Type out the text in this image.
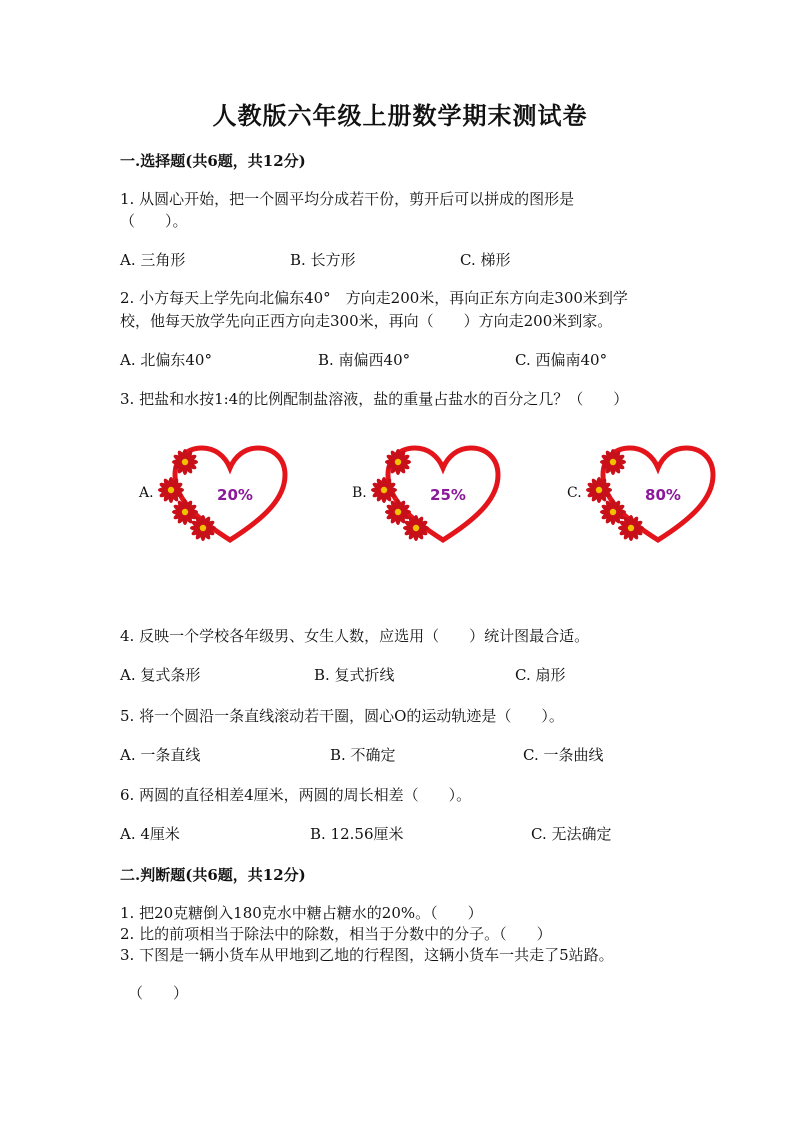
人教版六年级上册数学期末测试卷
一.选择题(共6题，共12分)
1. 从圆心开始，把一个圆平均分成若干份，剪开后可以拼成的图形是
（　　）。
A. 三角形	B. 长方形	C. 梯形
2. 小方每天上学先向北偏东40°　方向走200米，再向正东方向走300米到学
校，他每天放学先向正西方向走300米，再向（　　）方向走200米到家。
A. 北偏东40°	B. 南偏西40°	C. 西偏南40°
3. 把盐和水按1:4的比例配制盐溶液，盐的重量占盐水的百分之几？（　　）
A.	20%	B.	25%	C.	80%
4. 反映一个学校各年级男、女生人数，应选用（　　）统计图最合适。
A. 复式条形	B. 复式折线	C. 扇形
5. 将一个圆沿一条直线滚动若干圈，圆心O的运动轨迹是（　　）。
A. 一条直线	B. 不确定	C. 一条曲线
6. 两圆的直径相差4厘米，两圆的周长相差（　　）。
A. 4厘米	B. 12.56厘米	C. 无法确定
二.判断题(共6题，共12分)
1. 把20克糖倒入180克水中糖占糖水的20%。（　　）
2. 比的前项相当于除法中的除数，相当于分数中的分子。（　　）
3. 下图是一辆小货车从甲地到乙地的行程图，这辆小货车一共走了5站路。
（　　）
